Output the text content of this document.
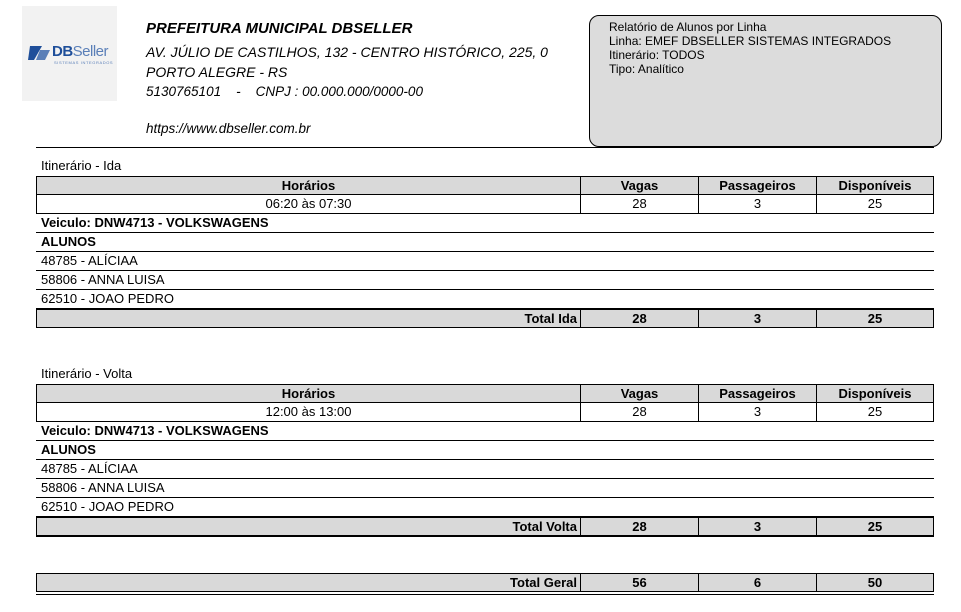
DBSeller
SISTEMAS INTEGRADOS
PREFEITURA MUNICIPAL DBSELLER
AV. JÚLIO DE CASTILHOS, 132 - CENTRO HISTÓRICO, 225, 0
PORTO ALEGRE - RS
5130765101    -    CNPJ : 00.000.000/0000-00
https://www.dbseller.com.br
Relatório de Alunos por Linha
Linha: EMEF DBSELLER SISTEMAS INTEGRADOS
Itinerário: TODOS
Tipo: Analítico
Itinerário - Ida
Horários	Vagas	Passageiros	Disponíveis
06:20 às 07:30	28	3	25
Veiculo: DNW4713 - VOLKSWAGENS
ALUNOS
48785 - ALÍCIAA
58806 - ANNA LUISA
62510 - JOAO PEDRO
Total Ida	28	3	25
Itinerário - Volta
Horários	Vagas	Passageiros	Disponíveis
12:00 às 13:00	28	3	25
Veiculo: DNW4713 - VOLKSWAGENS
ALUNOS
48785 - ALÍCIAA
58806 - ANNA LUISA
62510 - JOAO PEDRO
Total Volta	28	3	25
Total Geral	56	6	50
